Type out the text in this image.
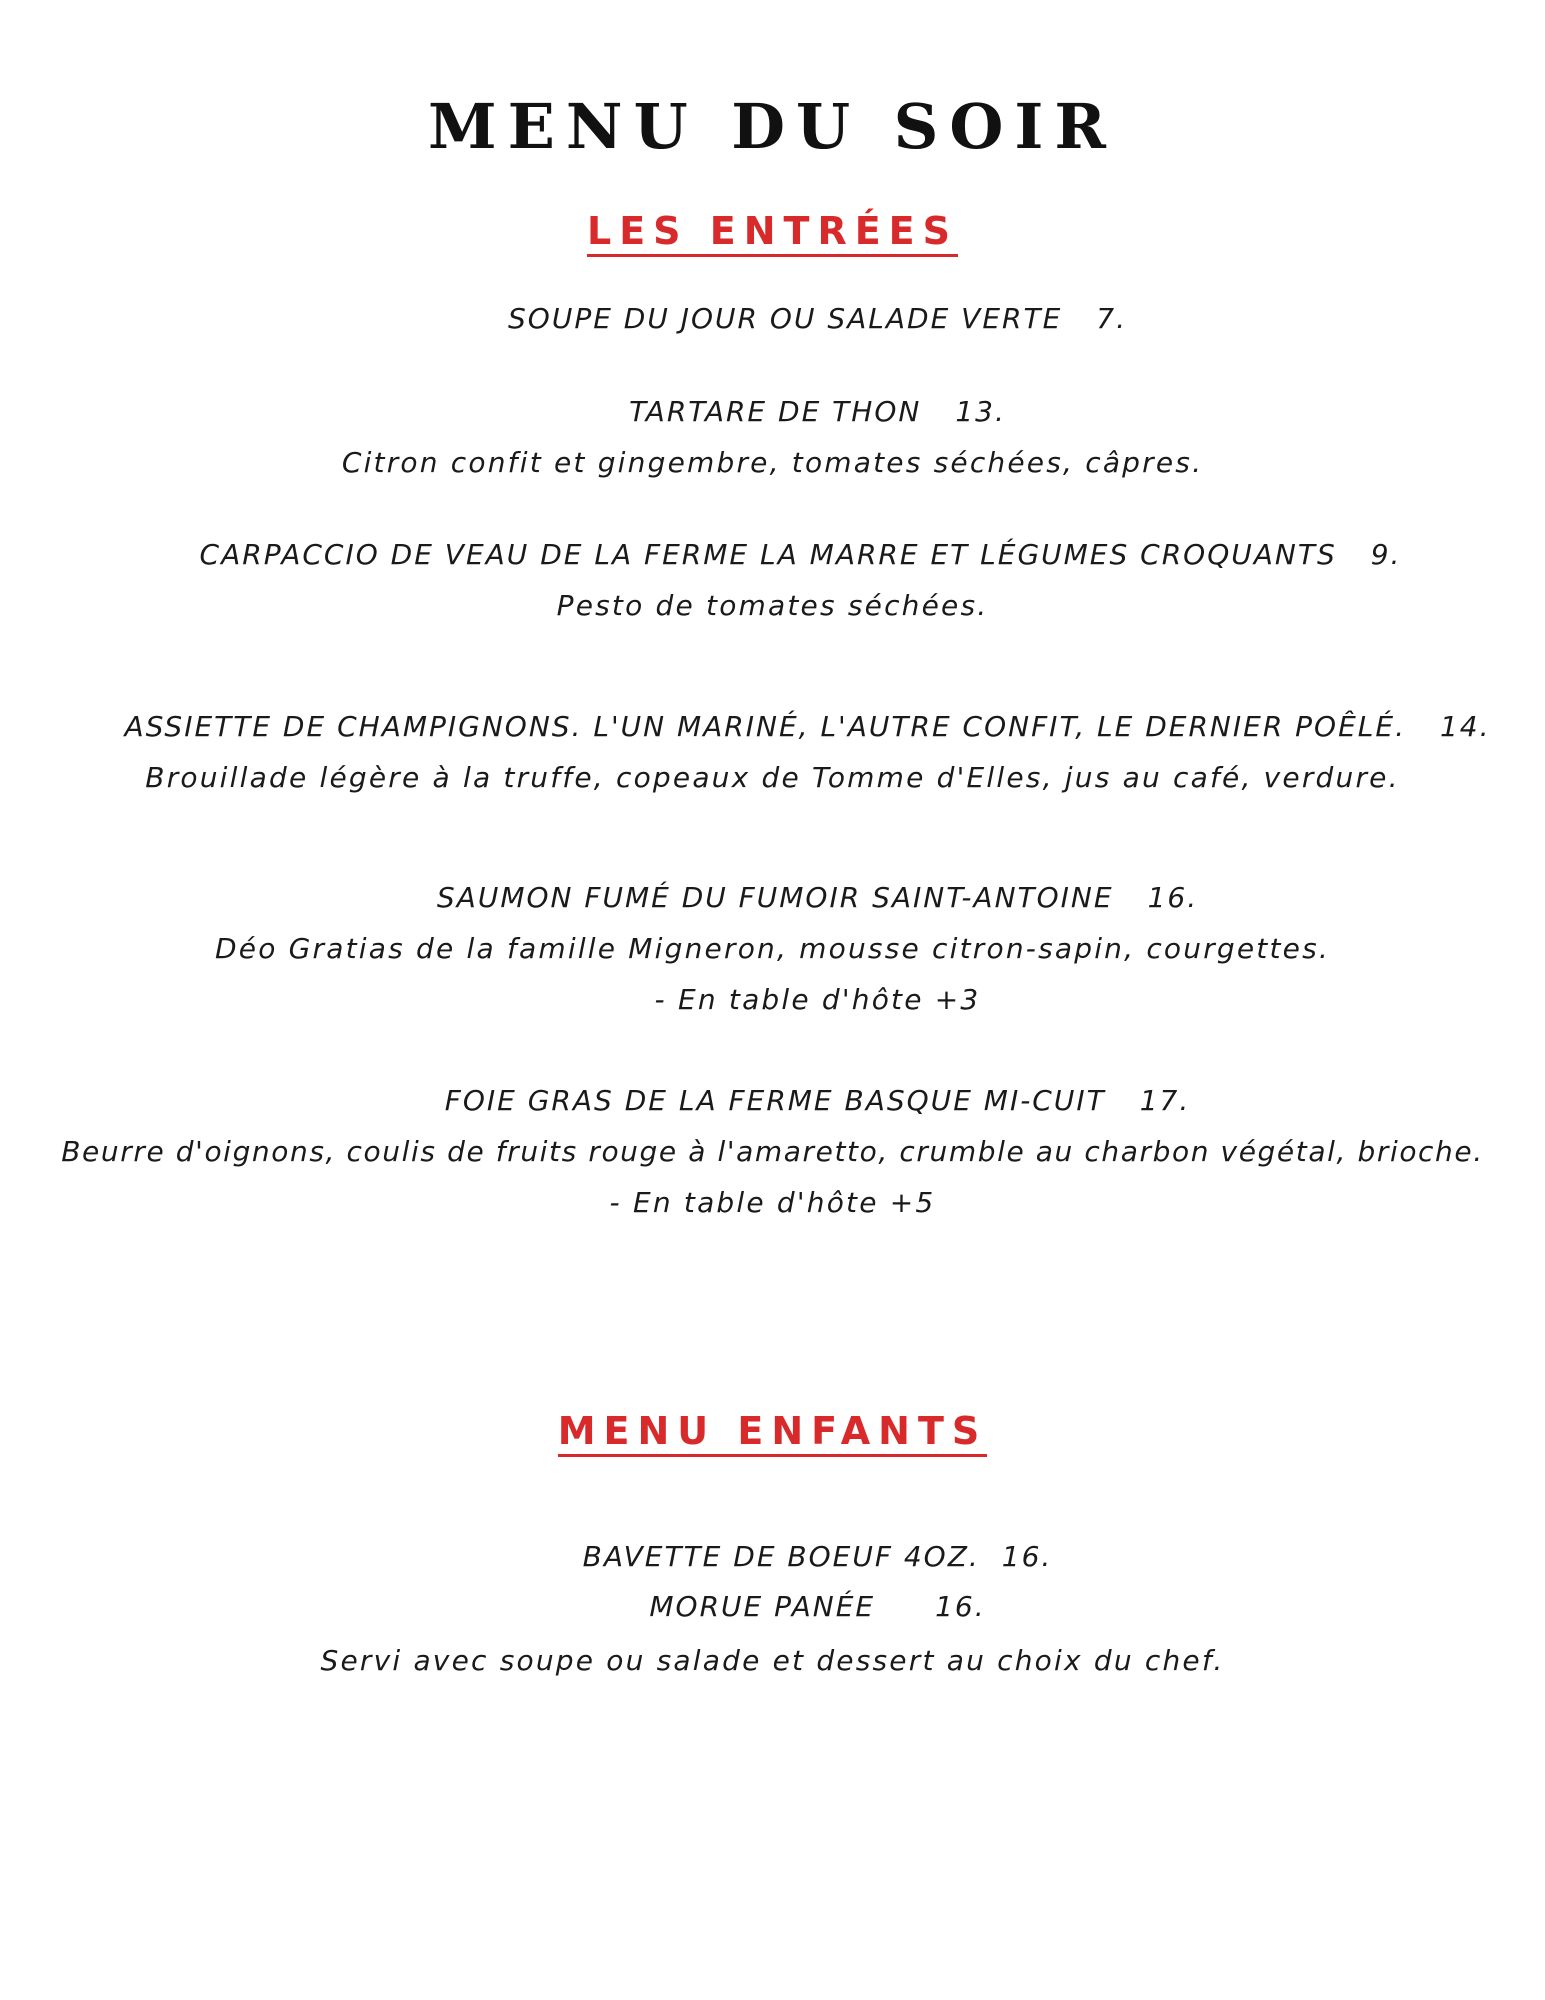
MENU DU SOIR
LES ENTRÉES
SOUPE DU JOUR OU SALADE VERTE 7.
TARTARE DE THON 13.
Citron confit et gingembre, tomates séchées, câpres.
CARPACCIO DE VEAU DE LA FERME LA MARRE ET LÉGUMES CROQUANTS 9.
Pesto de tomates séchées.
ASSIETTE DE CHAMPIGNONS. L'UN MARINÉ, L'AUTRE CONFIT, LE DERNIER POÊLÉ. 14.
Brouillade légère à la truffe, copeaux de Tomme d'Elles, jus au café, verdure.
SAUMON FUMÉ DU FUMOIR SAINT-ANTOINE 16.
Déo Gratias de la famille Migneron, mousse citron-sapin, courgettes.
- En table d'hôte +3
FOIE GRAS DE LA FERME BASQUE MI-CUIT 17.
Beurre d'oignons, coulis de fruits rouge à l'amaretto, crumble au charbon végétal, brioche.
- En table d'hôte +5
MENU ENFANTS
BAVETTE DE BOEUF 4OZ. 16.
MORUE PANÉE 16.
Servi avec soupe ou salade et dessert au choix du chef.
